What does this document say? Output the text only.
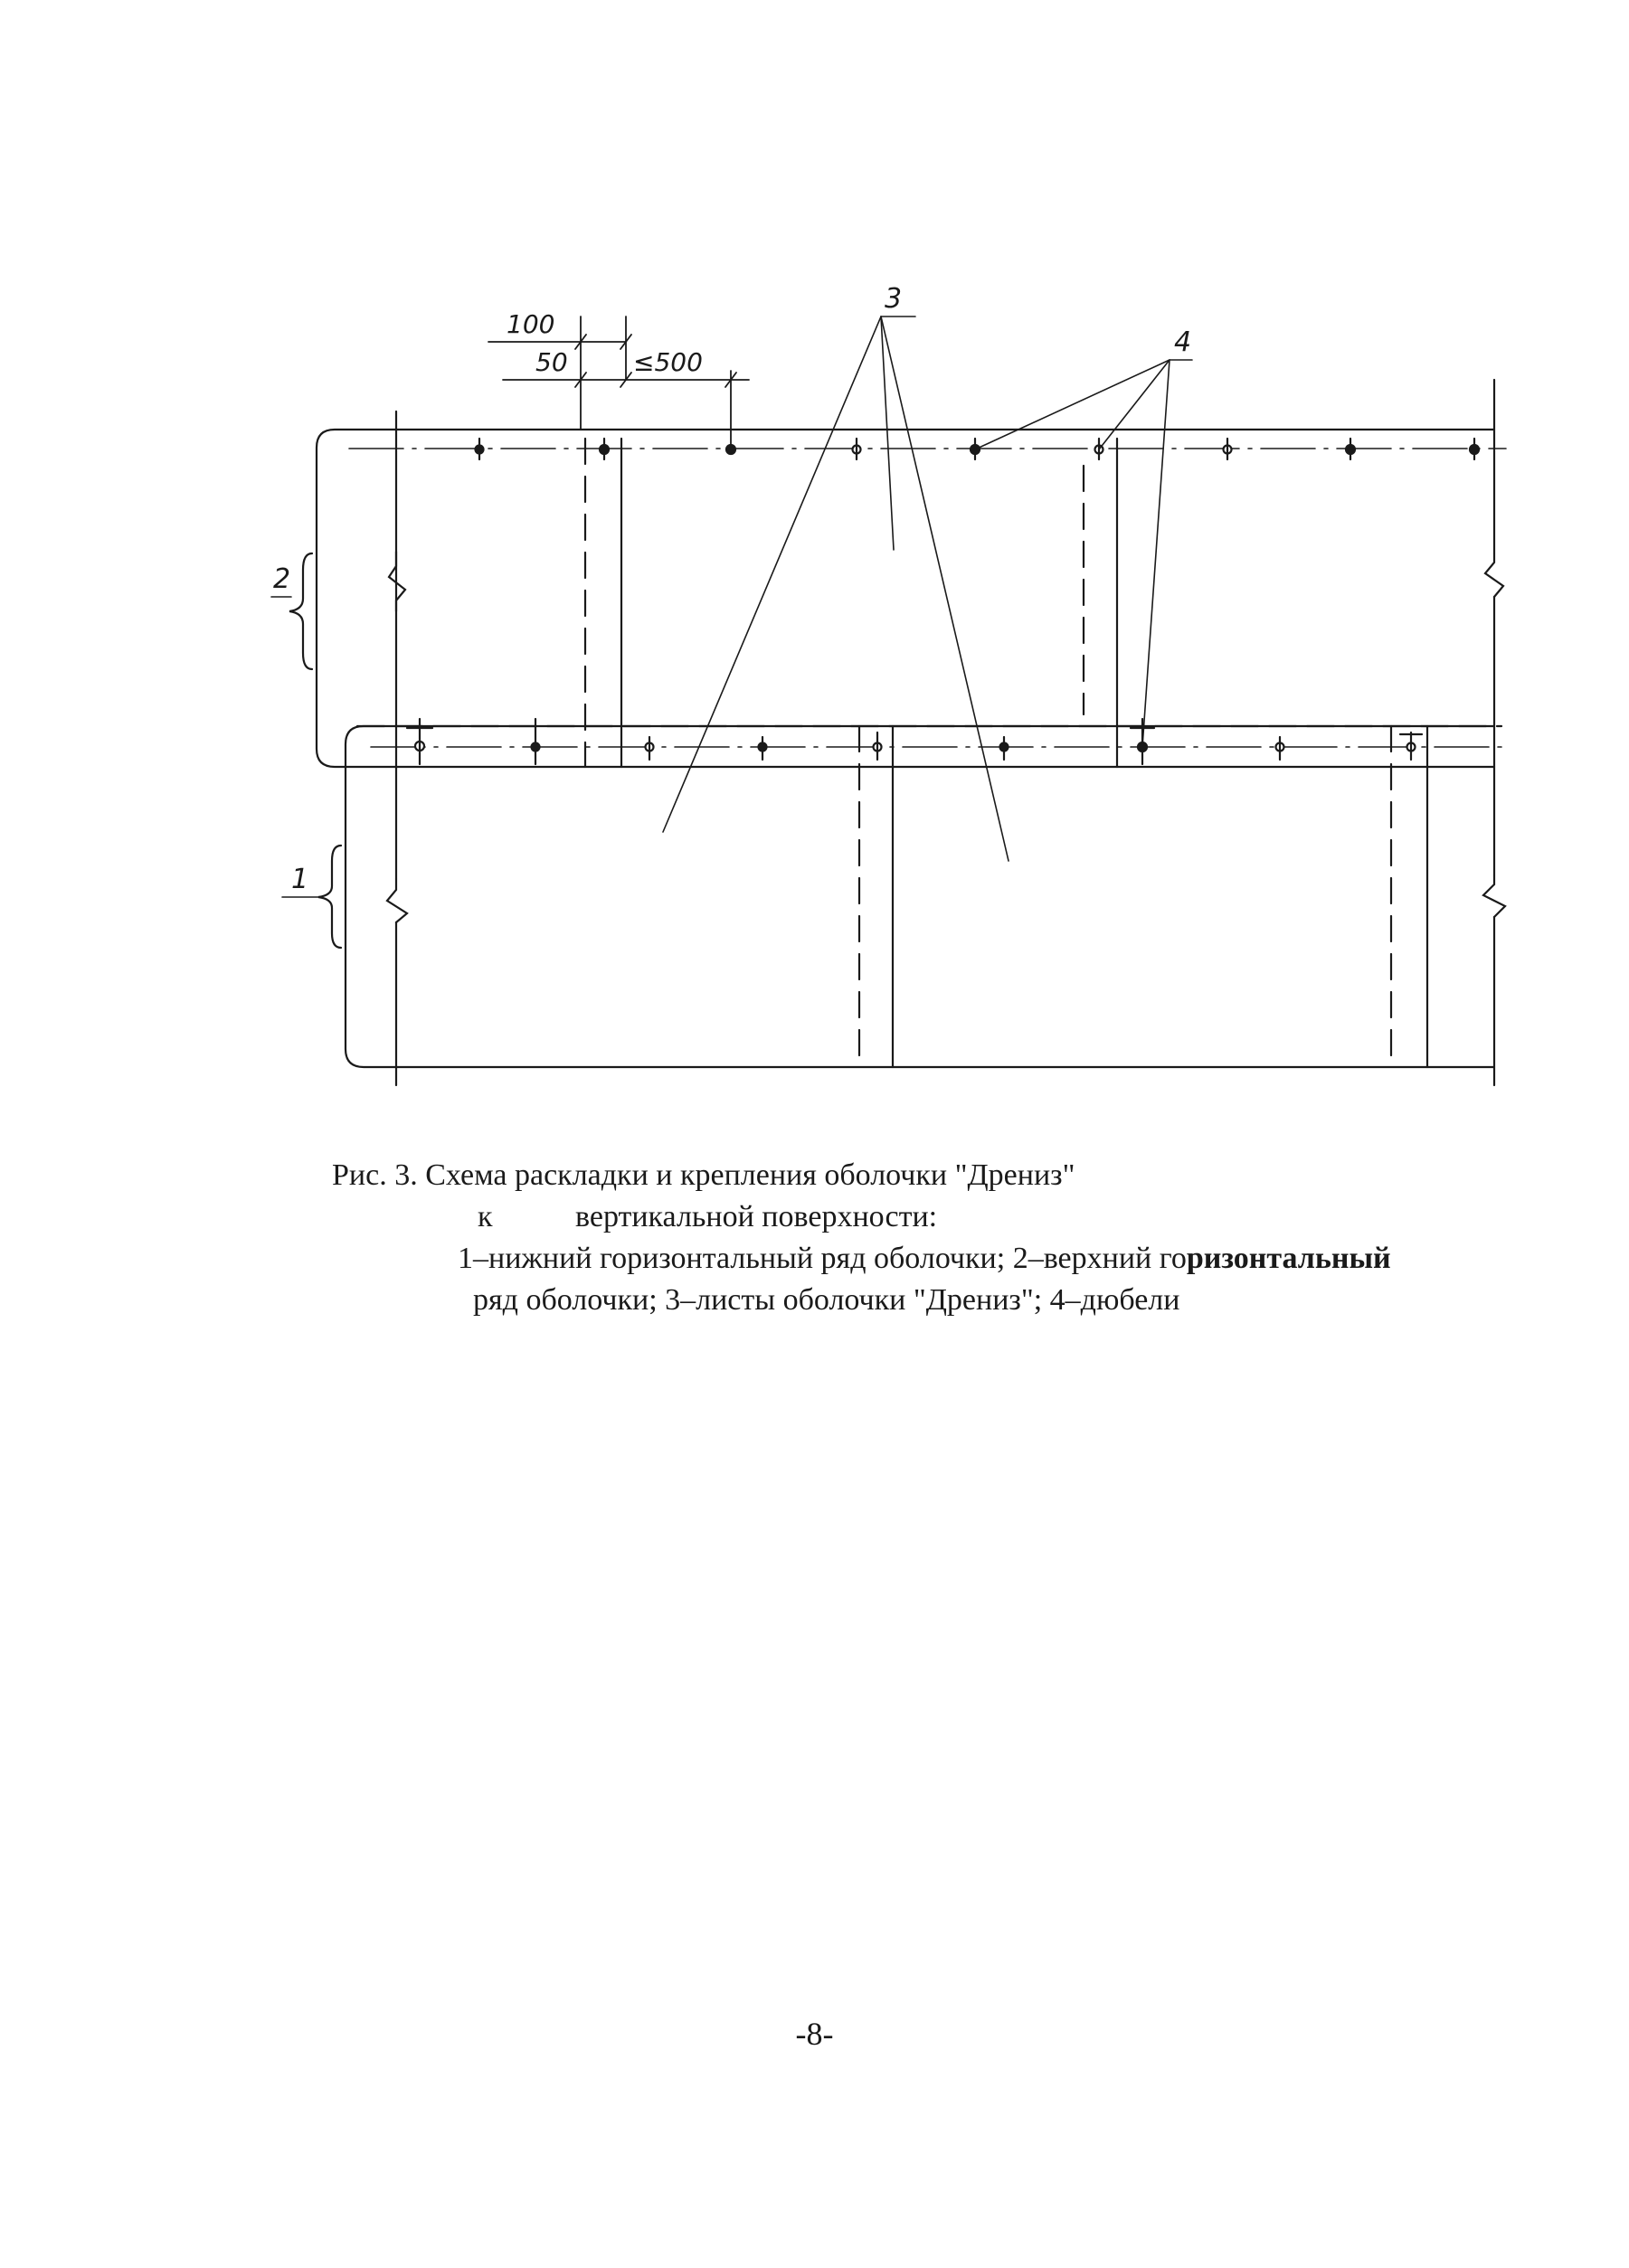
100
50	≤500
3
4
2
1
Рис. 3. Схема раскладки и крепления оболочки "Дрениз"
к	вертикальной поверхности:
1–нижний горизонтальный ряд оболочки; 2–верхний горизонтальный
ряд оболочки; 3–листы оболочки "Дрениз"; 4–дюбели
-8-
